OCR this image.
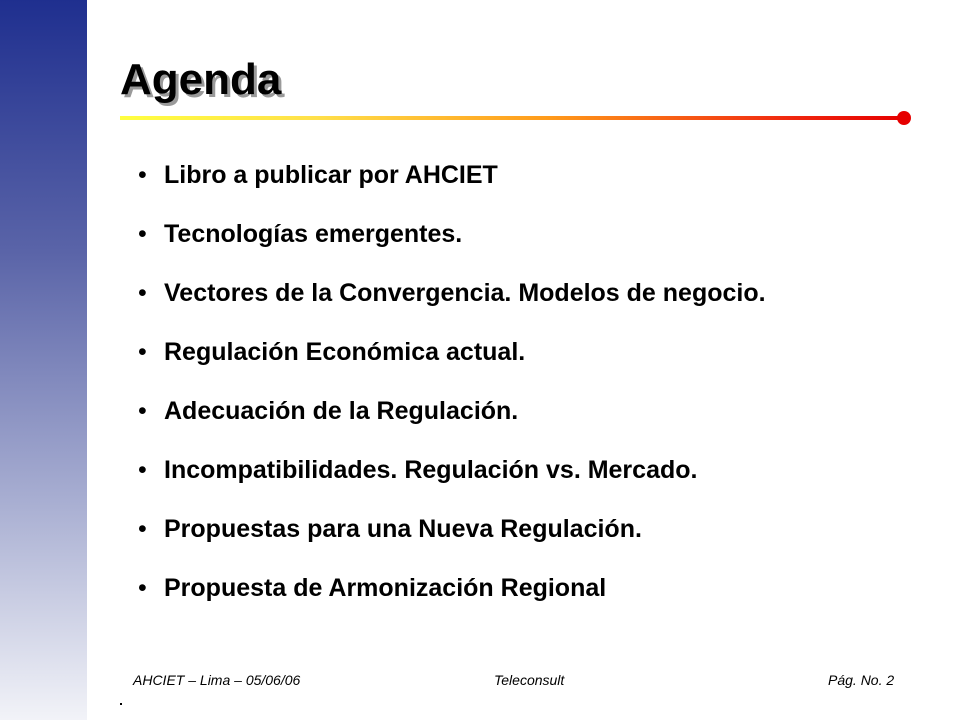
Agenda
• Libro a publicar por AHCIET
• Tecnologías emergentes.
• Vectores de la Convergencia. Modelos de negocio.
• Regulación Económica actual.
• Adecuación de la Regulación.
• Incompatibilidades. Regulación vs. Mercado.
• Propuestas para una Nueva Regulación.
• Propuesta de Armonización Regional
AHCIET – Lima – 05/06/06	Teleconsult	Pág. No. 2
